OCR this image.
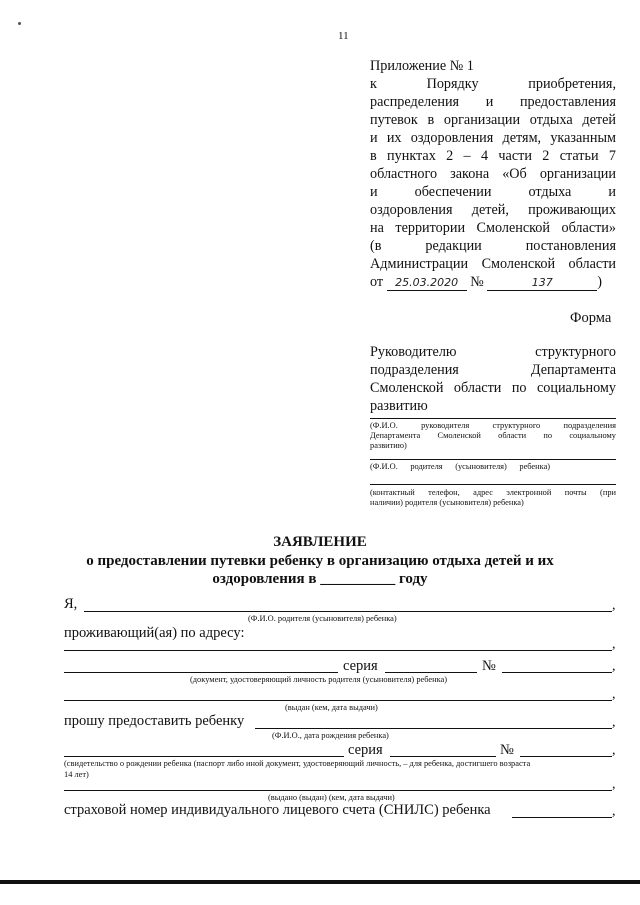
11
Приложение № 1
к Порядку приобретения,
распределения и предоставления
путевок в организации отдыха детей
и их оздоровления детям, указанным
в пунктах 2 – 4 части 2 статьи 7
областного закона «Об организации
и обеспечении отдыха и
оздоровления детей, проживающих
на территории Смоленской области»
(в редакции постановления
Администрации Смоленской области
от 25.03.2020 №	137	)
Форма
Руководителю структурного
подразделения Департамента
Смоленской области по социальному
развитию
(Ф.И.О. руководителя структурного подразделения
Департамента Смоленской области по социальному
развитию)
(Ф.И.О.      родителя      (усыновителя)      ребенка)
(контактный телефон, адрес электронной почты (при
наличии) родителя (усыновителя) ребенка)
ЗАЯВЛЕНИЕ
о предоставлении путевки ребенку в организацию отдыха детей и их
оздоровления в __________ году
Я,	,
(Ф.И.О. родителя (усыновителя) ребенка)
проживающий(ая) по адресу:
,
серия	№	,
(документ, удостоверяющий личность родителя (усыновителя) ребенка)
,
(выдан (кем, дата выдачи)
прошу предоставить ребенку	,
(Ф.И.О., дата рождения ребенка)
серия	№	,
(свидетельство о рождении ребенка (паспорт либо иной документ, удостоверяющий личность, – для ребенка, достигшего возраста
14 лет)
,
(выдано (выдан) (кем, дата выдачи)
страховой номер индивидуального лицевого счета (СНИЛС) ребенка	,
